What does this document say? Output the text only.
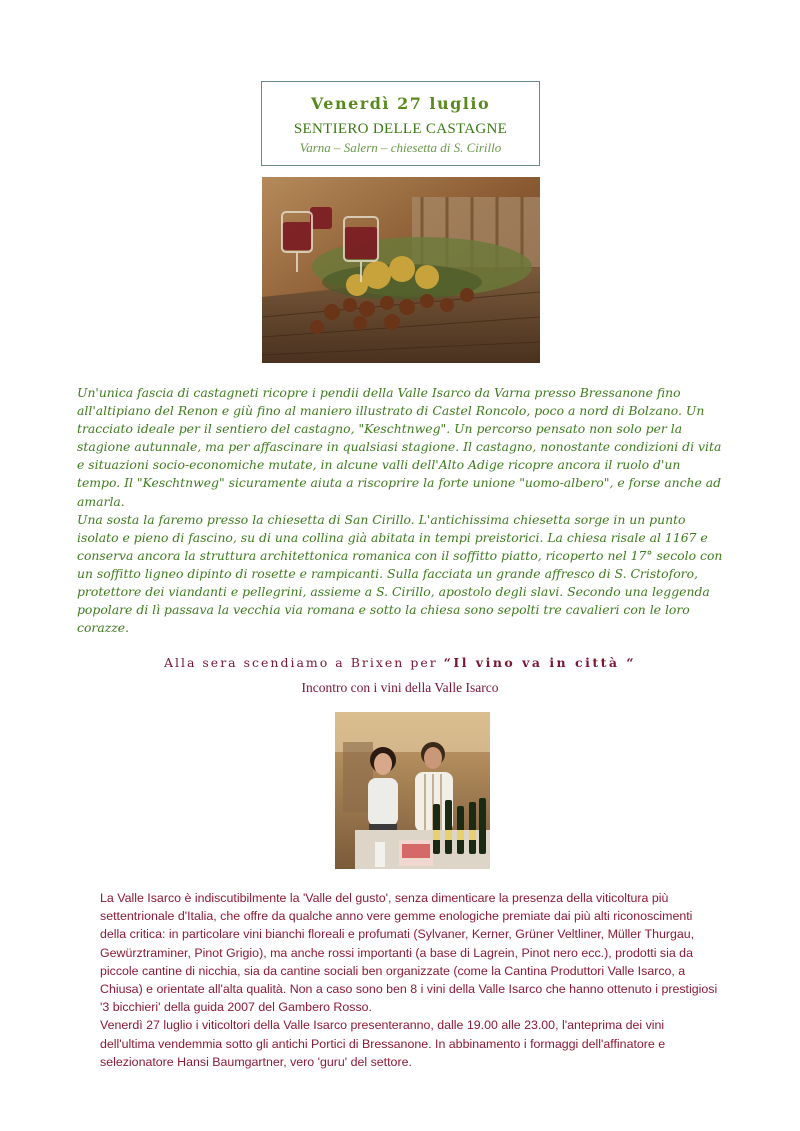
Venerdì 27 luglio
SENTIERO DELLE CASTAGNE
Varna – Salern – chiesetta di S. Cirillo

Un'unica fascia di castagneti ricopre i pendii della Valle Isarco da Varna presso Bressanone fino all'altipiano del Renon e giù fino al maniero illustrato di Castel Roncolo, poco a nord di Bolzano. Un tracciato ideale per il sentiero del castagno, "Keschtnweg". Un percorso pensato non solo per la stagione autunnale, ma per affascinare in qualsiasi stagione. Il castagno, nonostante condizioni di vita e situazioni socio-economiche mutate, in alcune valli dell'Alto Adige ricopre ancora il ruolo d'un tempo. Il "Keschtnweg" sicuramente aiuta a riscoprire la forte unione "uomo-albero", e forse anche ad amarla.

Una sosta la faremo presso la chiesetta di San Cirillo. L'antichissima chiesetta sorge in un punto isolato e pieno di fascino, su di una collina già abitata in tempi preistorici. La chiesa risale al 1167 e conserva ancora la struttura architettonica romanica con il soffitto piatto, ricoperto nel 17° secolo con un soffitto ligneo dipinto di rosette e rampicanti. Sulla facciata un grande affresco di S. Cristoforo, protettore dei viandanti e pellegrini, assieme a S. Cirillo, apostolo degli slavi. Secondo una leggenda popolare di lì passava la vecchia via romana e sotto la chiesa sono sepolti tre cavalieri con le loro corazze.

Alla sera scendiamo a Brixen per “Il vino va in città “
Incontro con i vini della Valle Isarco

La Valle Isarco è indiscutibilmente la 'Valle del gusto', senza dimenticare la presenza della viticoltura più settentrionale d'Italia, che offre da qualche anno vere gemme enologiche premiate dai più alti riconoscimenti della critica: in particolare vini bianchi floreali e profumati (Sylvaner, Kerner, Grüner Veltliner, Müller Thurgau, Gewürztraminer, Pinot Grigio), ma anche rossi importanti (a base di Lagrein, Pinot nero ecc.), prodotti sia da piccole cantine di nicchia, sia da cantine sociali ben organizzate (come la Cantina Produttori Valle Isarco, a Chiusa) e orientate all'alta qualità. Non a caso sono ben 8 i vini della Valle Isarco che hanno ottenuto i prestigiosi '3 bicchieri' della guida 2007 del Gambero Rosso.

Venerdì 27 luglio i viticoltori della Valle Isarco presenteranno, dalle 19.00 alle 23.00, l'anteprima dei vini dell'ultima vendemmia sotto gli antichi Portici di Bressanone. In abbinamento i formaggi dell'affinatore e selezionatore Hansi Baumgartner, vero 'guru' del settore.
